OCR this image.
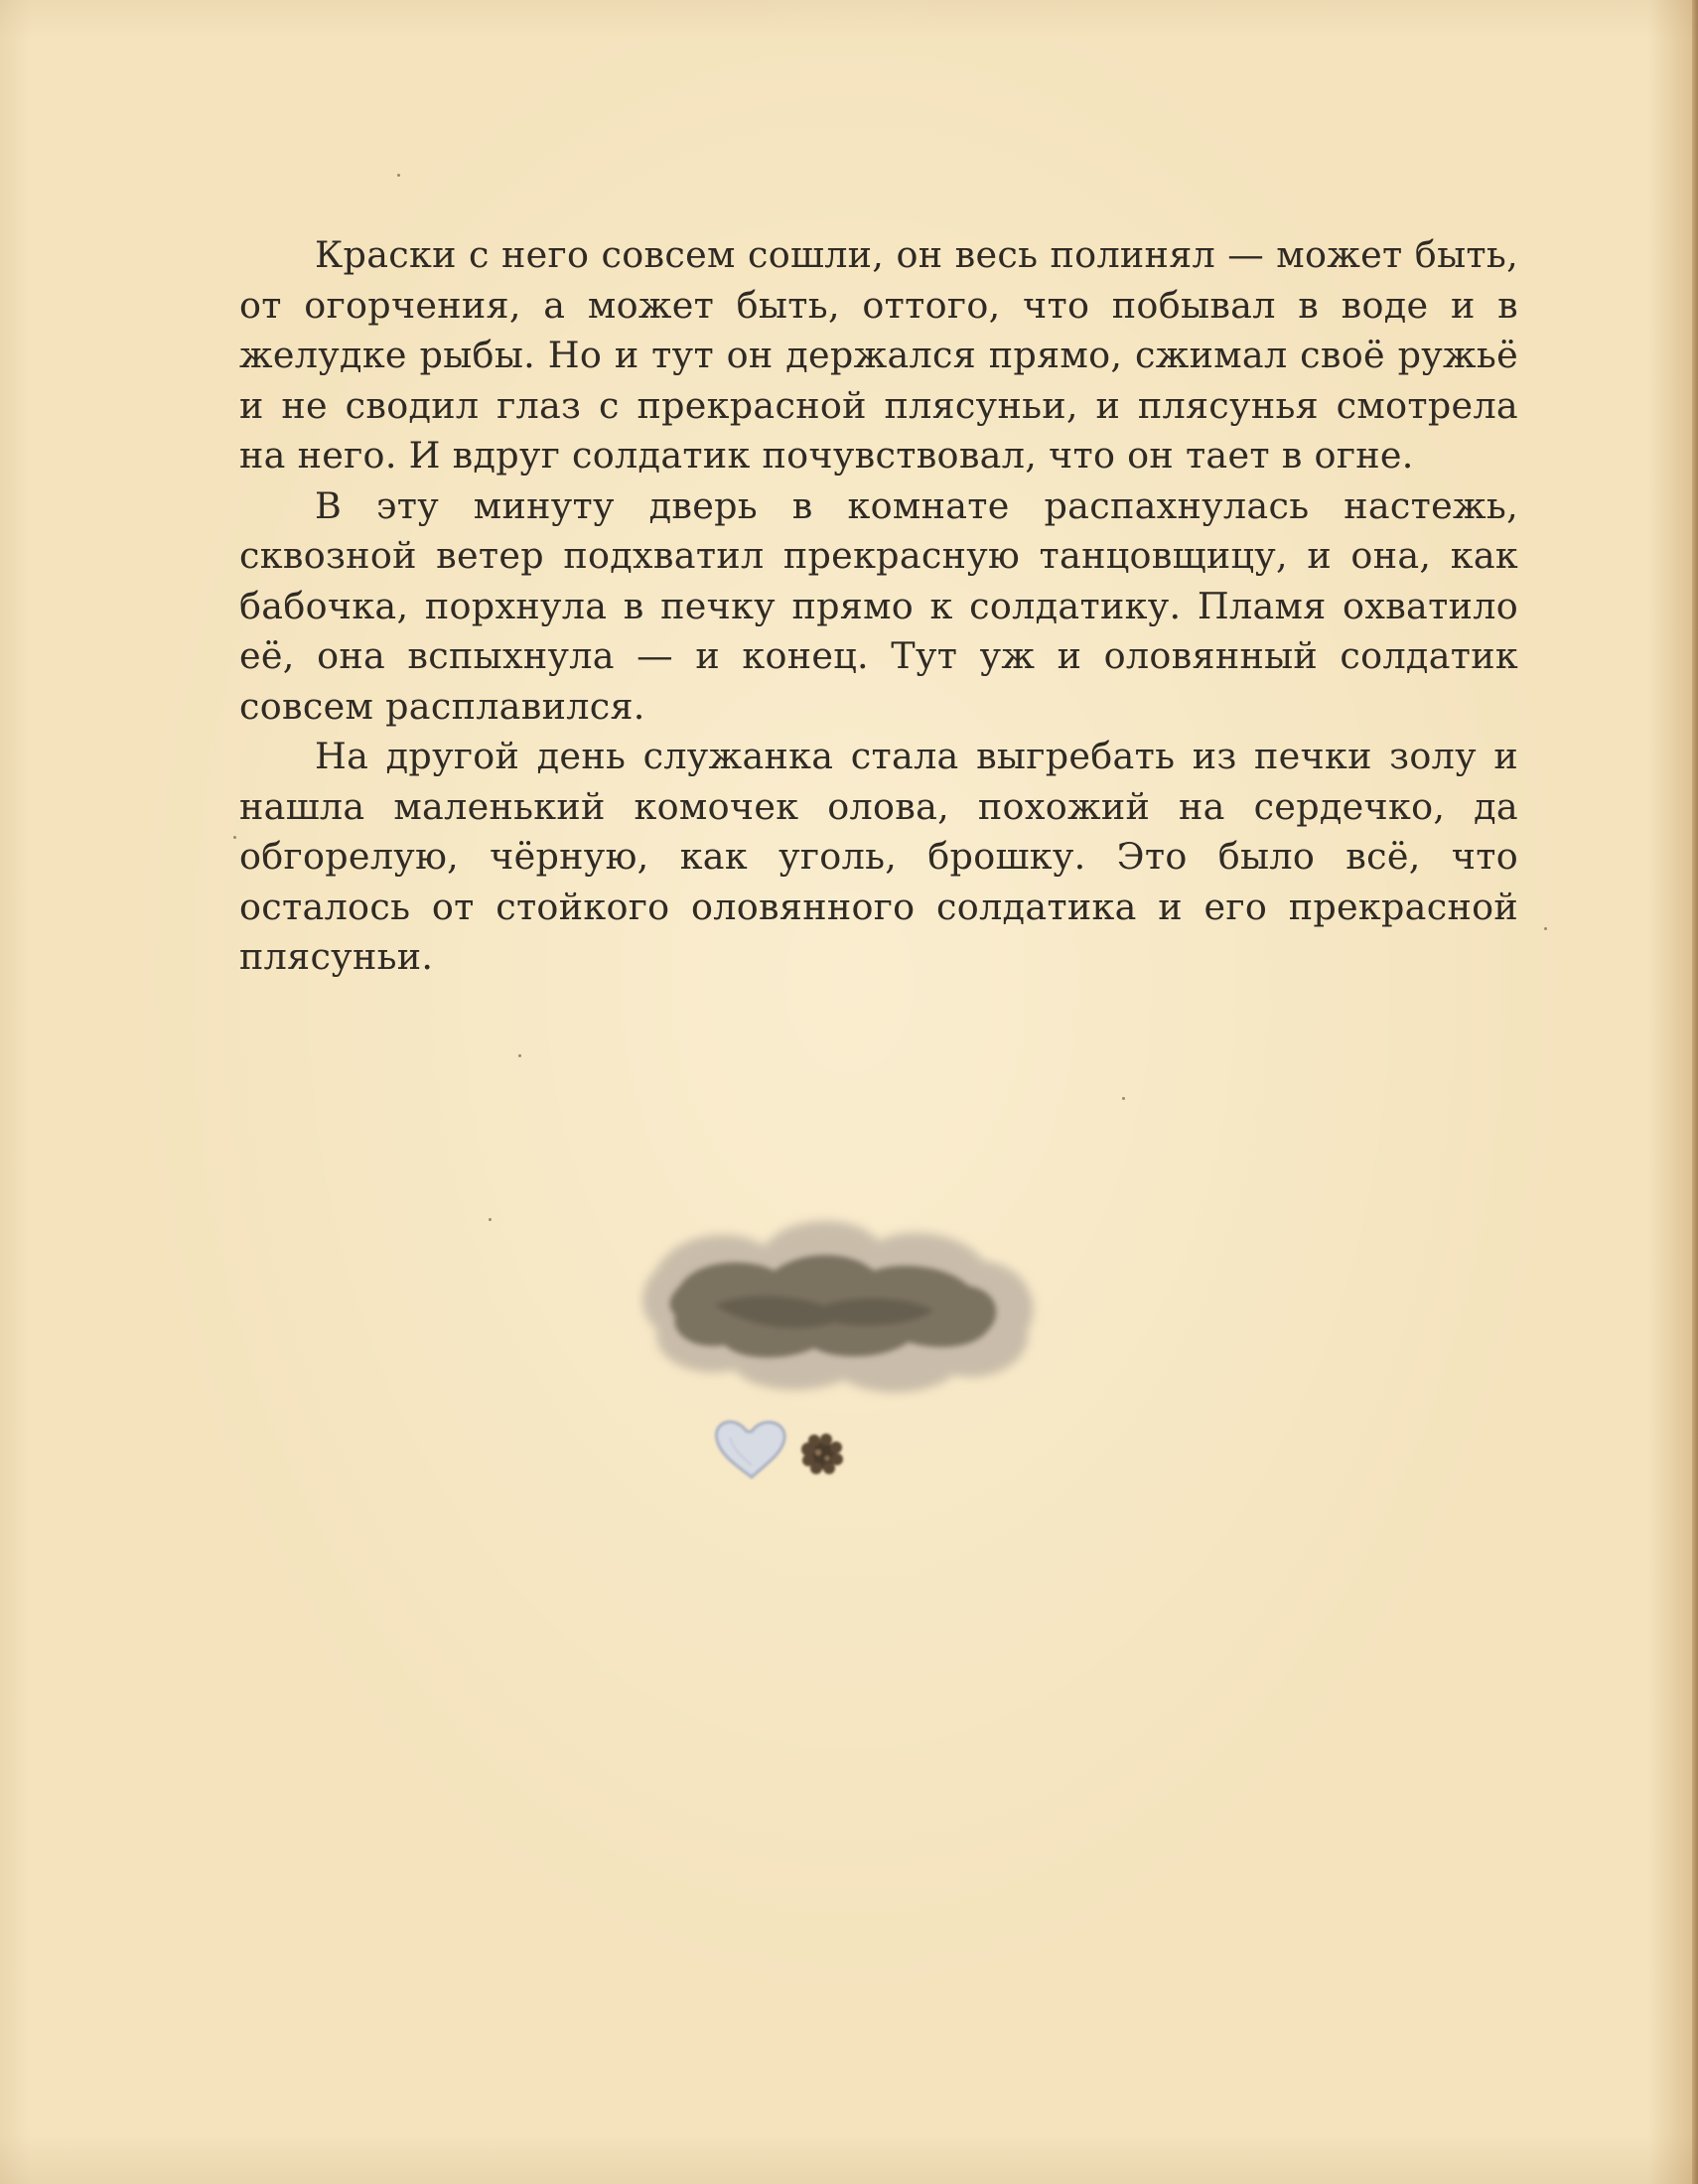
Краски с него совсем сошли, он весь полинял — может быть, от огорчения, а может быть, оттого, что побывал в воде и в желудке рыбы. Но и тут он держался прямо, сжимал своё ружьё и не сводил глаз с прекрасной плясуньи, и плясунья смотрела на него. И вдруг солдатик почувствовал, что он тает в огне.

В эту минуту дверь в комнате распахнулась настежь, сквозной ветер подхватил прекрасную танцовщицу, и она, как бабочка, порхнула в печку прямо к солдатику. Пламя охватило её, она вспыхнула — и конец. Тут уж и оловянный солдатик совсем расплавился.

На другой день служанка стала выгребать из печки золу и нашла маленький комочек олова, похожий на сердечко, да обгорелую, чёрную, как уголь, брошку. Это было всё, что осталось от стойкого оловянного солдатика и его прекрасной плясуньи.
